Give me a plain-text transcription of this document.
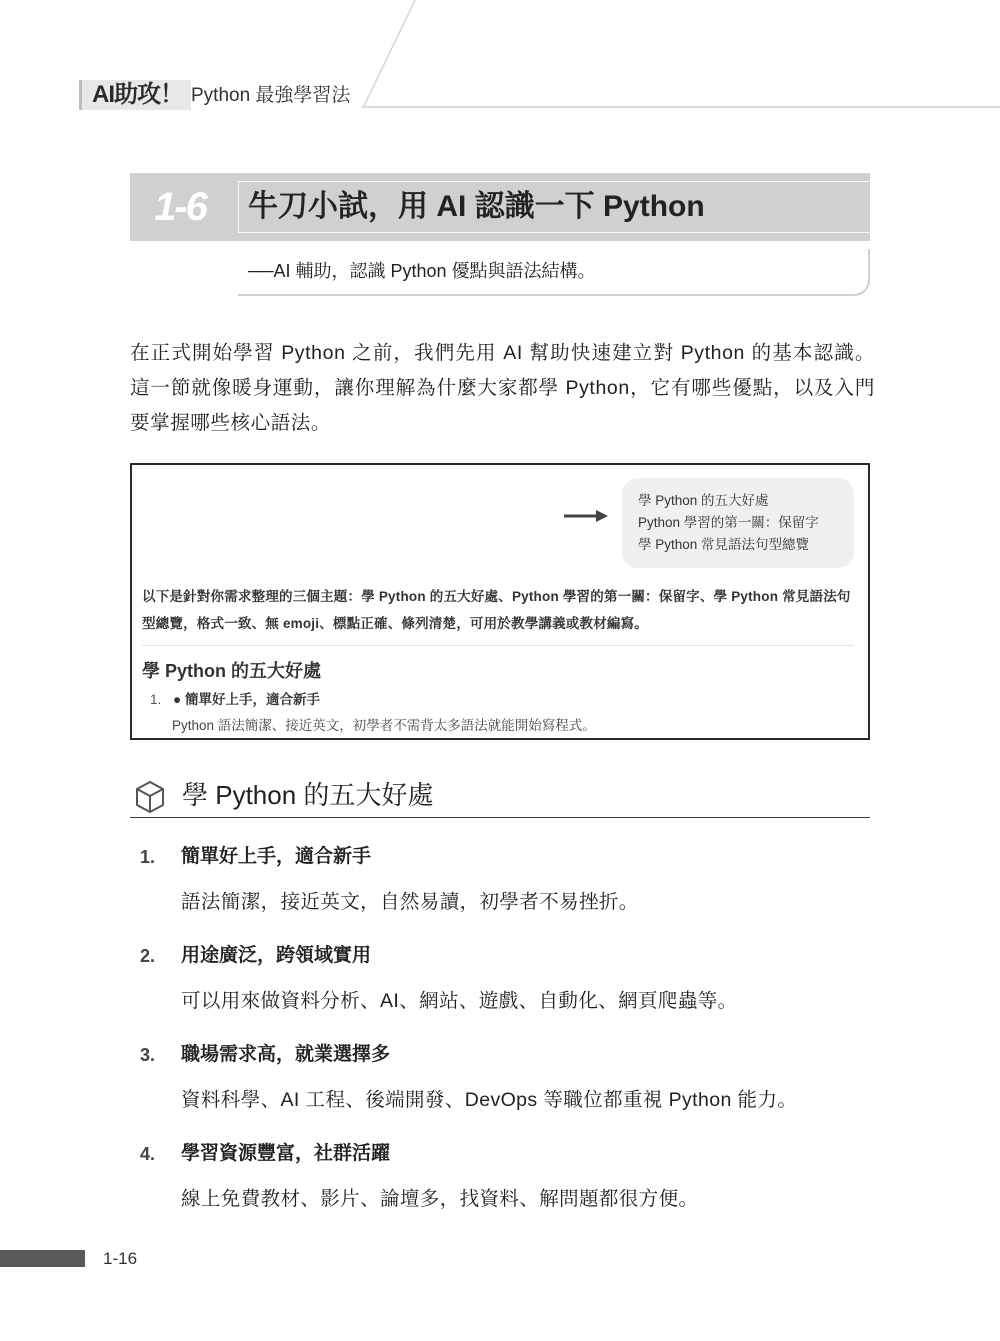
AI助攻！ Python 最強學習法
1-6 牛刀小試，用 AI 認識一下 Python
──AI 輔助，認識 Python 優點與語法結構。

在正式開始學習 Python 之前，我們先用 AI 幫助快速建立對 Python 的基本認識。這一節就像暖身運動，讓你理解為什麼大家都學 Python，它有哪些優點，以及入門要掌握哪些核心語法。

學 Python 的五大好處
Python 學習的第一關：保留字
學 Python 常見語法句型總覽
以下是針對你需求整理的三個主題：學 Python 的五大好處、Python 學習的第一關：保留字、學 Python 常見語法句型總覽，格式一致、無 emoji、標點正確、條列清楚，可用於教學講義或教材編寫。
學 Python 的五大好處
1. ● 簡單好上手，適合新手
Python 語法簡潔、接近英文，初學者不需背太多語法就能開始寫程式。
學 Python 的五大好處
1. 簡單好上手，適合新手
語法簡潔，接近英文，自然易讀，初學者不易挫折。
2. 用途廣泛，跨領域實用
可以用來做資料分析、AI、網站、遊戲、自動化、網頁爬蟲等。
3. 職場需求高，就業選擇多
資料科學、AI 工程、後端開發、DevOps 等職位都重視 Python 能力。
4. 學習資源豐富，社群活躍
線上免費教材、影片、論壇多，找資料、解問題都很方便。
1-16
